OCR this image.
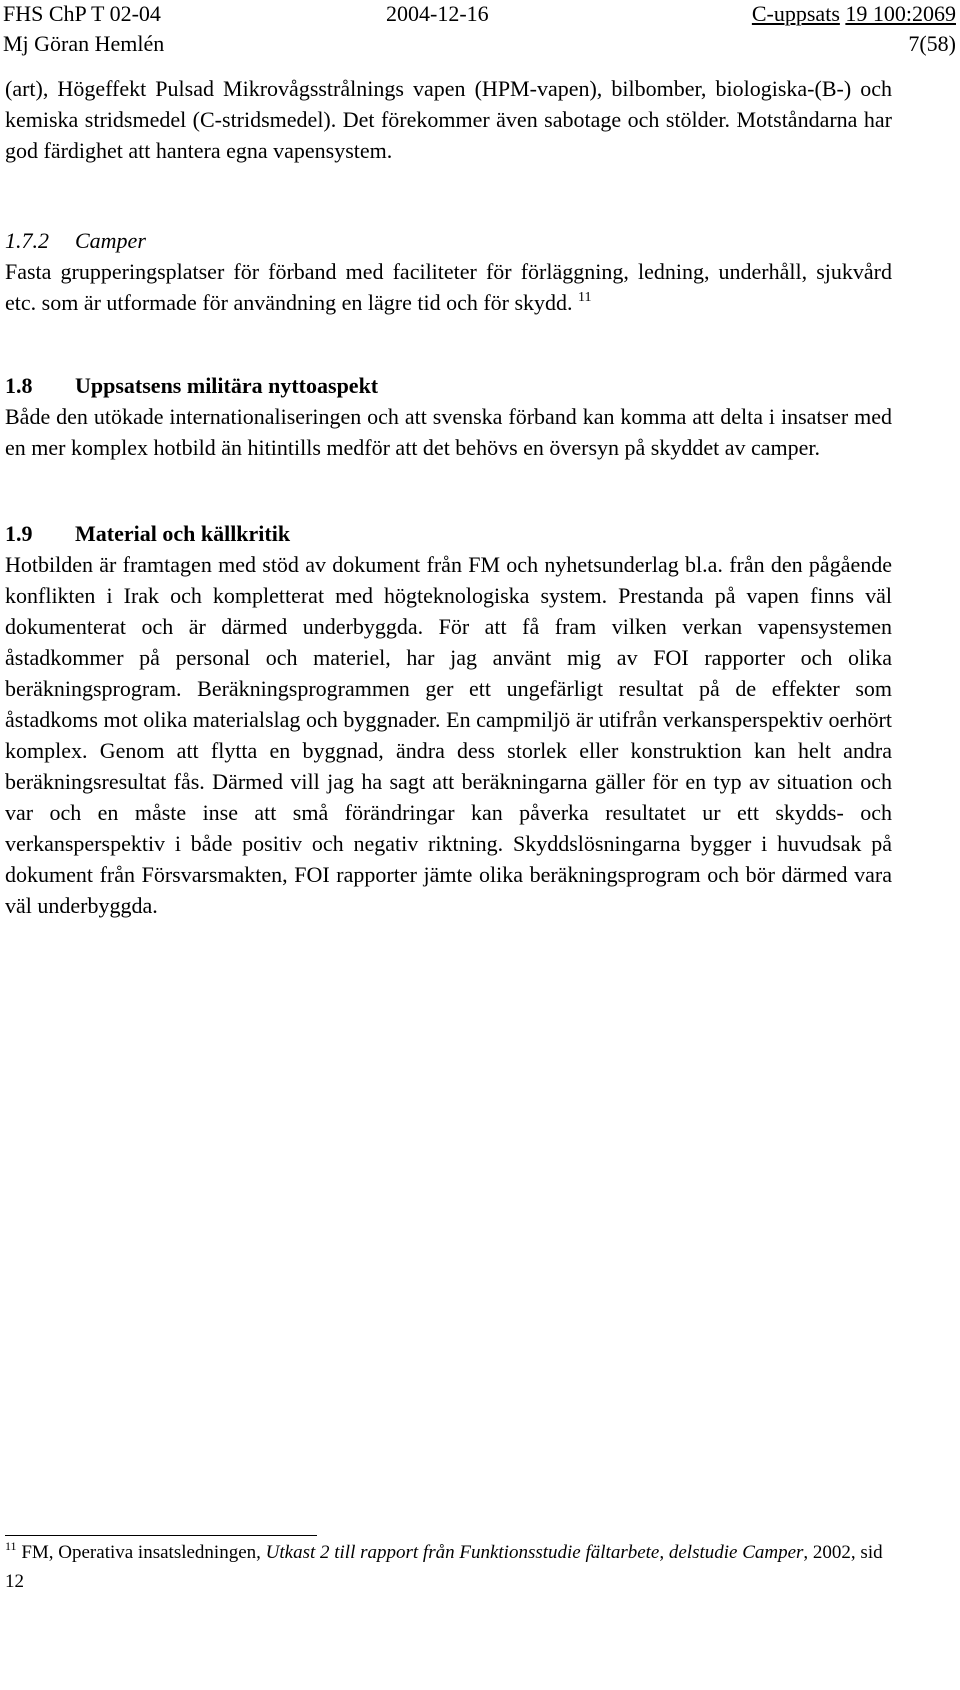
FHS ChP T 02-04	2004-12-16	C-uppsats 19 100:2069
Mj Göran Hemlén	7(58)

(art), Högeffekt Pulsad Mikrovågsstrålnings vapen (HPM-vapen), bilbomber, biologiska-(B-) och kemiska stridsmedel (C-stridsmedel). Det förekommer även sabotage och stölder. Motståndarna har god färdighet att hantera egna vapensystem.

1.7.2 Camper

Fasta grupperingsplatser för förband med faciliteter för förläggning, ledning, underhåll, sjukvård etc. som är utformade för användning en lägre tid och för skydd. $^{11}$

1.8 Uppsatsens militära nyttoaspekt

Både den utökade internationaliseringen och att svenska förband kan komma att delta i insatser med en mer komplex hotbild än hitintills medför att det behövs en översyn på skyddet av camper.

1.9 Material och källkritik

Hotbilden är framtagen med stöd av dokument från FM och nyhetsunderlag bl.a. från den pågående konflikten i Irak och kompletterat med högteknologiska system. Prestanda på vapen finns väl dokumenterat och är därmed underbyggda. För att få fram vilken verkan vapensystemen åstadkommer på personal och materiel, har jag använt mig av FOI rapporter och olika beräkningsprogram. Beräkningsprogrammen ger ett ungefärligt resultat på de effekter som åstadkoms mot olika materialslag och byggnader. En campmiljö är utifrån verkansperspektiv oerhört komplex. Genom att flytta en byggnad, ändra dess storlek eller konstruktion kan helt andra beräkningsresultat fås. Därmed vill jag ha sagt att beräkningarna gäller för en typ av situation och var och en måste inse att små förändringar kan påverka resultatet ur ett skydds- och verkansperspektiv i både positiv och negativ riktning. Skyddslösningarna bygger i huvudsak på dokument från Försvarsmakten, FOI rapporter jämte olika beräkningsprogram och bör därmed vara väl underbyggda.

$^{11}$ FM, Operativa insatsledningen, Utkast 2 till rapport från Funktionsstudie fältarbete, delstudie Camper, 2002, sid 12
